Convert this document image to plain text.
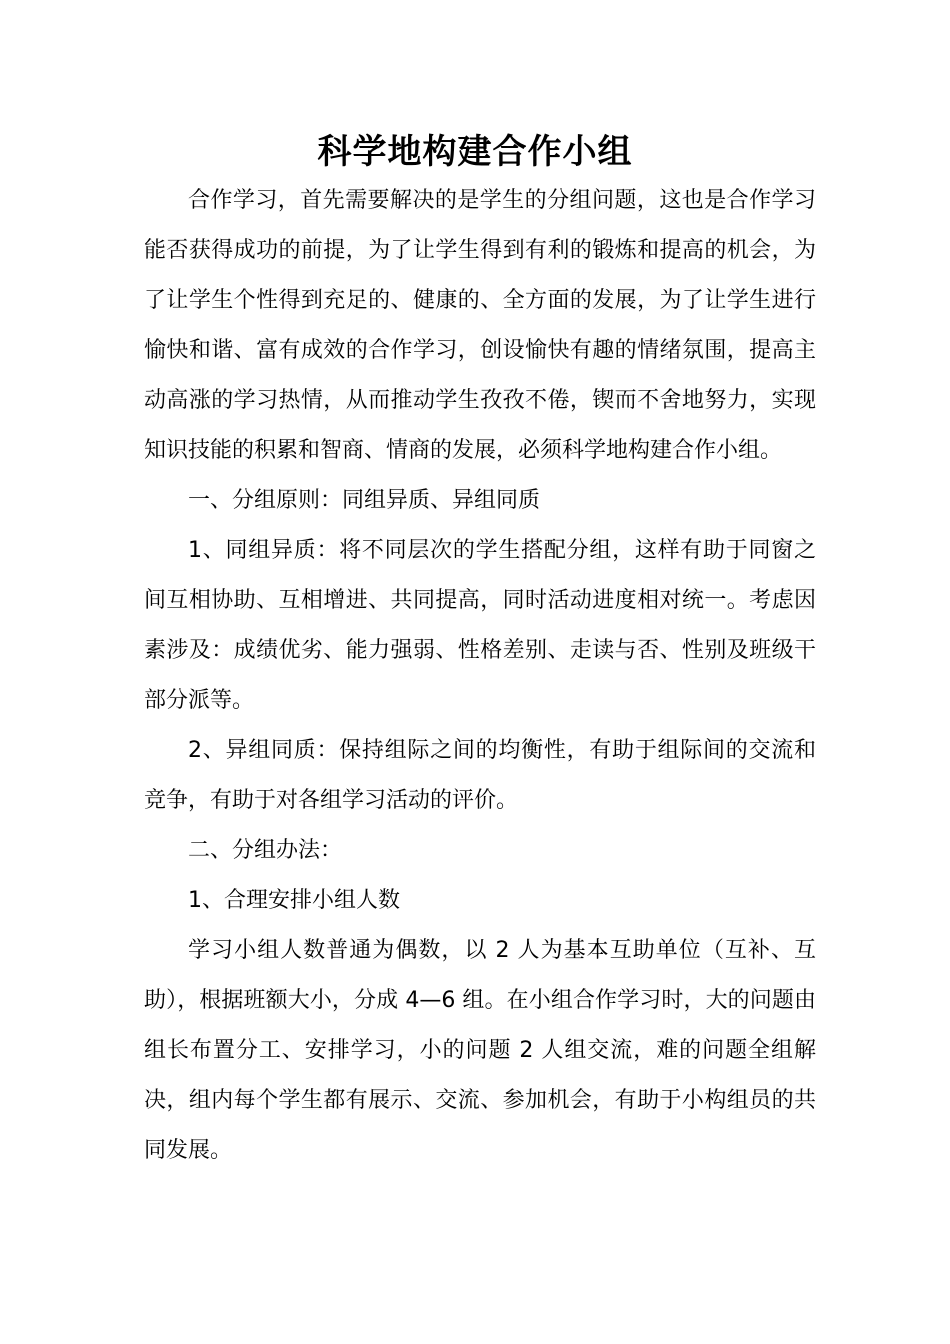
科学地构建合作小组

合作学习，首先需要解决的是学生的分组问题，这也是合作学习能否获得成功的前提，为了让学生得到有利的锻炼和提高的机会，为了让学生个性得到充足的、健康的、全方面的发展，为了让学生进行愉快和谐、富有成效的合作学习，创设愉快有趣的情绪氛围，提高主动高涨的学习热情，从而推动学生孜孜不倦，锲而不舍地努力，实现知识技能的积累和智商、情商的发展，必须科学地构建合作小组。

一、分组原则：同组异质、异组同质

1、同组异质：将不同层次的学生搭配分组，这样有助于同窗之间互相协助、互相增进、共同提高，同时活动进度相对统一。考虑因素涉及：成绩优劣、能力强弱、性格差别、走读与否、性别及班级干部分派等。

2、异组同质：保持组际之间的均衡性，有助于组际间的交流和竞争，有助于对各组学习活动的评价。

二、分组办法：

1、合理安排小组人数

学习小组人数普通为偶数，以 2 人为基本互助单位（互补、互助），根据班额大小，分成 4—6 组。在小组合作学习时，大的问题由组长布置分工、安排学习，小的问题 2 人组交流，难的问题全组解决，组内每个学生都有展示、交流、参加机会，有助于小构组员的共同发展。
